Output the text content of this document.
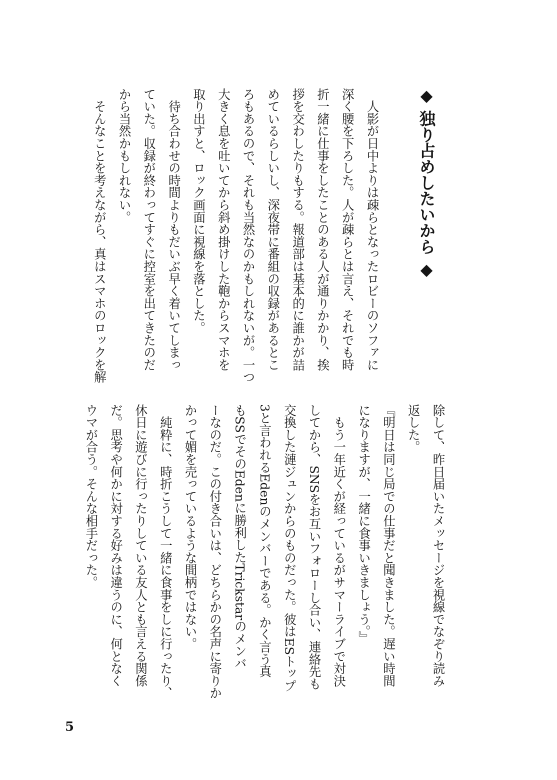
◆ 独り占めしたいから ◆
　人影が日中よりは疎らとなったロビーのソファに
深く腰を下ろした。人が疎らとは言え、それでも時
折一緒に仕事をしたことのある人が通りかかり、挨
拶を交わしたりもする。報道部は基本的に誰かが詰
めているらしいし、深夜帯に番組の収録があるとこ
ろもあるので、それも当然なのかもしれないが。一つ
大きく息を吐いてから斜め掛けした鞄からスマホを
取り出すと、ロック画面に視線を落とした。
　待ち合わせの時間よりもだいぶ早く着いてしまっ
ていた。収録が終わってすぐに控室を出てきたのだ
から当然かもしれない。
　そんなことを考えながら、真はスマホのロックを解
除して、昨日届いたメッセージを視線でなぞり読み
返した。
『明日は同じ局での仕事だと聞きました。遅い時間
になりますが、一緒に食事いきましょう。』
　もう一年近くが経っているがサマーライブで対決
してから、SNSをお互いフォローし合い、連絡先も
交換した漣ジュンからのものだった。彼はESトップ
3と言われるEdenのメンバーである。かく言う真
もSSでそのEdenに勝利したTrickstarのメンバ
ーなのだ。この付き合いは、どちらかの名声に寄りか
かって媚を売っているような間柄ではない。
　純粋に、時折こうして一緒に食事をしに行ったり、
休日に遊びに行ったりしている友人とも言える関係
だ。思考や何かに対する好みは違うのに、何となく
ウマが合う。そんな相手だった。
5
